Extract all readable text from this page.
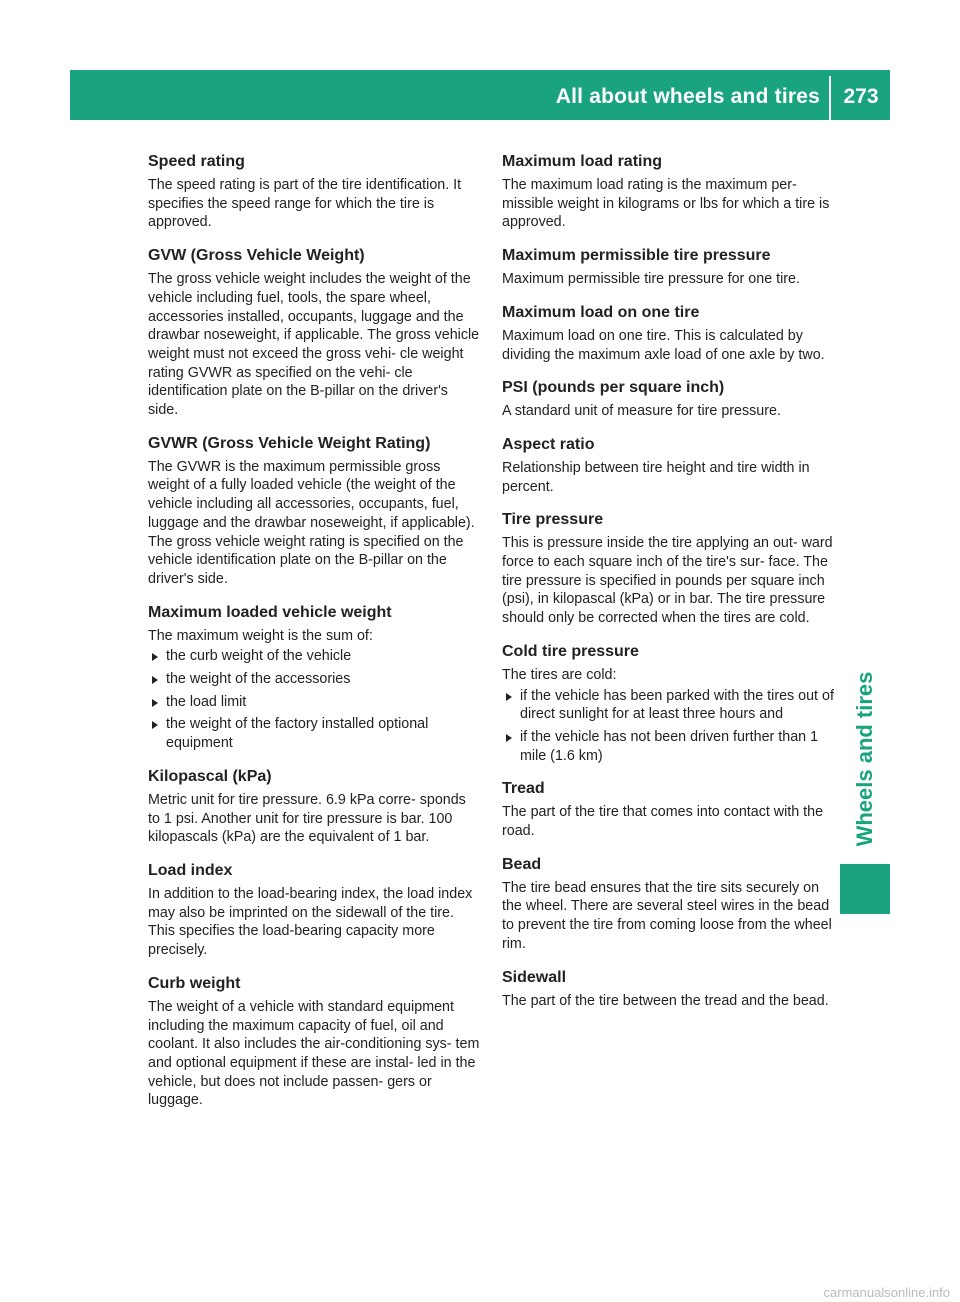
All about wheels and tires	273
Wheels and tires
Speed rating

The speed rating is part of the tire identification. It specifies the speed range for which the tire is approved.

GVW (Gross Vehicle Weight)

The gross vehicle weight includes the weight of the vehicle including fuel, tools, the spare wheel, accessories installed, occupants, luggage and the drawbar noseweight, if applicable. The gross vehicle weight must not exceed the gross vehi- cle weight rating GVWR as specified on the vehi- cle identification plate on the B-pillar on the driver's side.

GVWR (Gross Vehicle Weight Rating)

The GVWR is the maximum permissible gross weight of a fully loaded vehicle (the weight of the vehicle including all accessories, occupants, fuel, luggage and the drawbar noseweight, if applicable). The gross vehicle weight rating is specified on the vehicle identification plate on the B-pillar on the driver's side.

Maximum loaded vehicle weight

The maximum weight is the sum of:

the curb weight of the vehicle
the weight of the accessories
the load limit
the weight of the factory installed optional equipment
Kilopascal (kPa)

Metric unit for tire pressure. 6.9 kPa corre- sponds to 1 psi. Another unit for tire pressure is bar. 100 kilopascals (kPa) are the equivalent of 1 bar.

Load index

In addition to the load-bearing index, the load index may also be imprinted on the sidewall of the tire. This specifies the load-bearing capacity more precisely.

Curb weight

The weight of a vehicle with standard equipment including the maximum capacity of fuel, oil and coolant. It also includes the air-conditioning sys- tem and optional equipment if these are instal- led in the vehicle, but does not include passen- gers or luggage.

Maximum load rating

The maximum load rating is the maximum per- missible weight in kilograms or lbs for which a tire is approved.

Maximum permissible tire pressure

Maximum permissible tire pressure for one tire.

Maximum load on one tire

Maximum load on one tire. This is calculated by dividing the maximum axle load of one axle by two.

PSI (pounds per square inch)

A standard unit of measure for tire pressure.

Aspect ratio

Relationship between tire height and tire width in percent.

Tire pressure

This is pressure inside the tire applying an out- ward force to each square inch of the tire's sur- face. The tire pressure is specified in pounds per square inch (psi), in kilopascal (kPa) or in bar. The tire pressure should only be corrected when the tires are cold.

Cold tire pressure

The tires are cold:

if the vehicle has been parked with the tires out of direct sunlight for at least three hours and
if the vehicle has not been driven further than 1 mile (1.6 km)
Tread

The part of the tire that comes into contact with the road.

Bead

The tire bead ensures that the tire sits securely on the wheel. There are several steel wires in the bead to prevent the tire from coming loose from the wheel rim.

Sidewall

The part of the tire between the tread and the bead.

carmanualsonline.info
